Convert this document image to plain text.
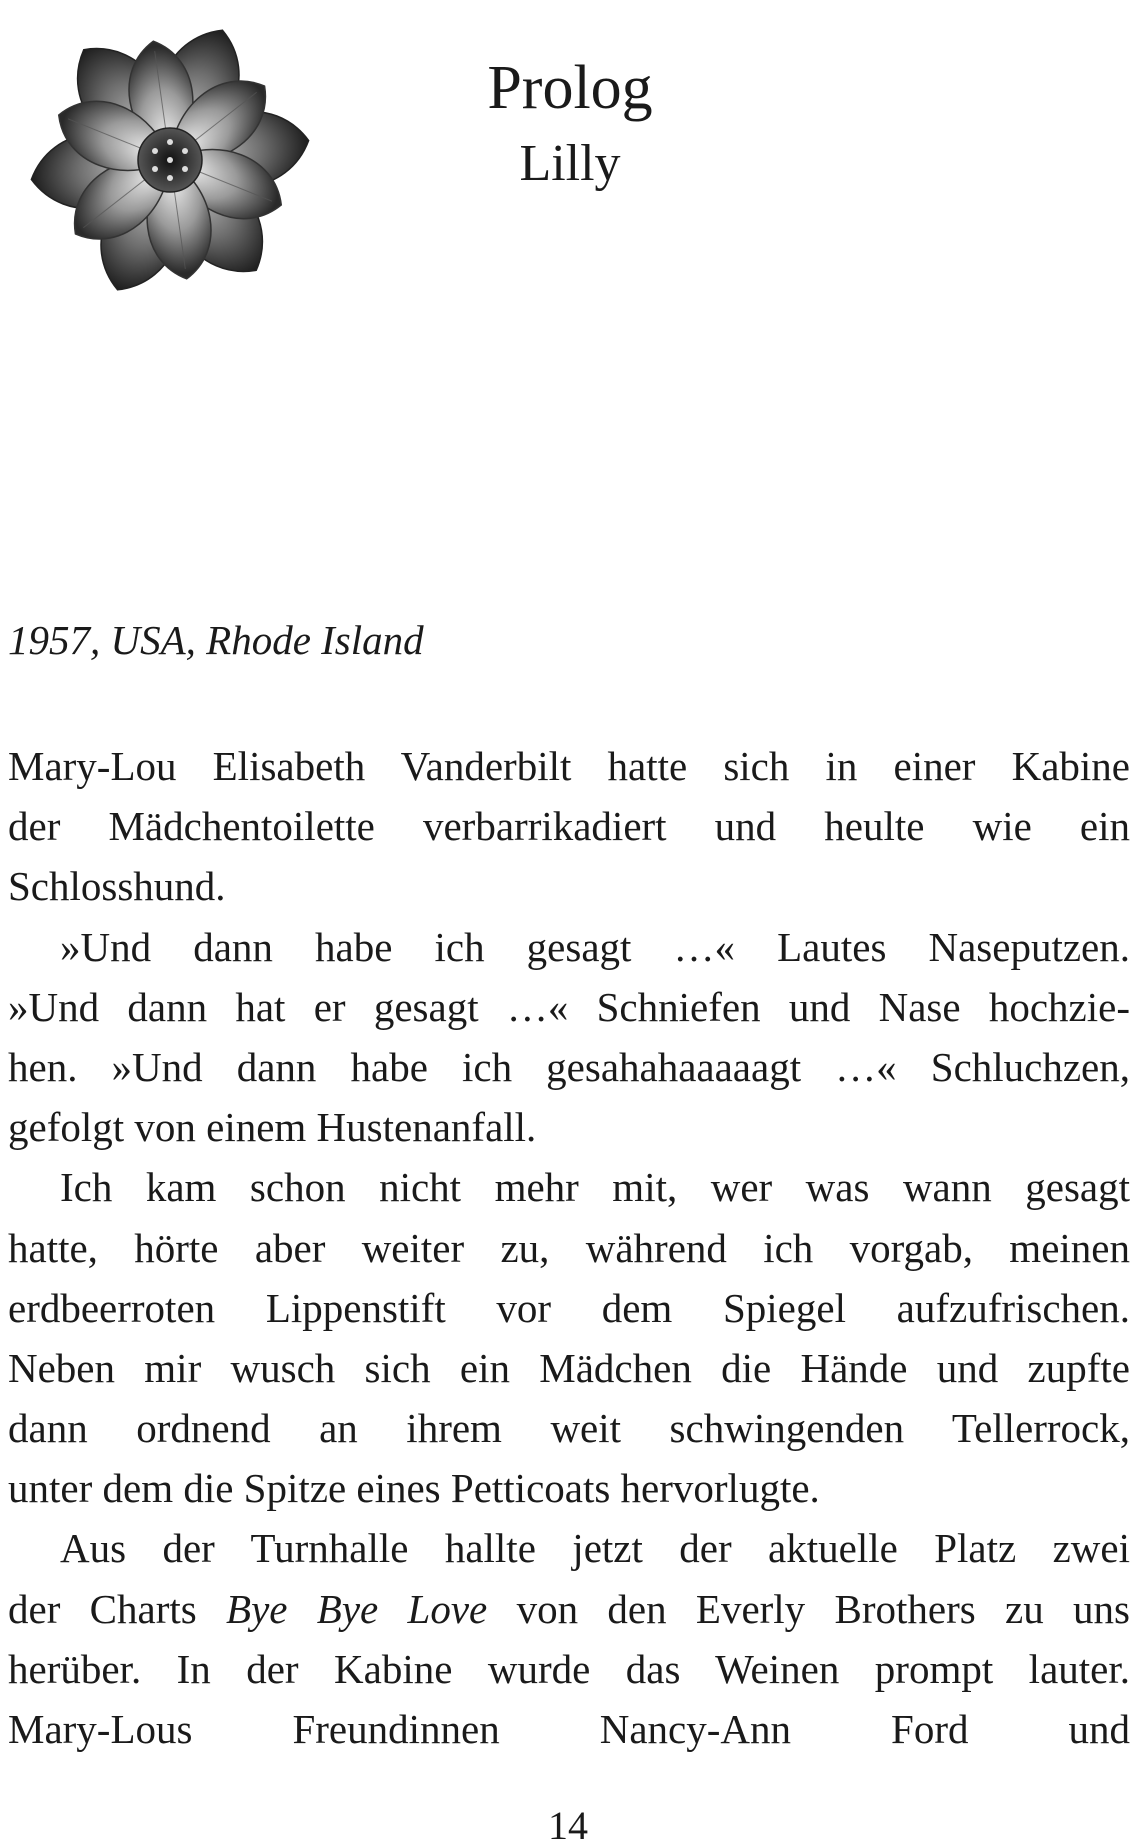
Prolog
Lilly

1957, USA, Rhode Island

Mary-Lou Elisabeth Vanderbilt hatte sich in einer Kabine
der Mädchentoilette verbarrikadiert und heulte wie ein
Schlosshund.
»Und dann habe ich gesagt …« Lautes Naseputzen.
»Und dann hat er gesagt …« Schniefen und Nase hochzie-
hen. »Und dann habe ich gesahahaaaaagt …« Schluchzen,
gefolgt von einem Hustenanfall.
Ich kam schon nicht mehr mit, wer was wann gesagt
hatte, hörte aber weiter zu, während ich vorgab, meinen
erdbeerroten Lippenstift vor dem Spiegel aufzufrischen.
Neben mir wusch sich ein Mädchen die Hände und zupfte
dann ordnend an ihrem weit schwingenden Tellerrock,
unter dem die Spitze eines Petticoats hervorlugte.
Aus der Turnhalle hallte jetzt der aktuelle Platz zwei
der Charts Bye Bye Love von den Everly Brothers zu uns
herüber. In der Kabine wurde das Weinen prompt lauter.
Mary-Lous Freundinnen Nancy-Ann Ford und

14
